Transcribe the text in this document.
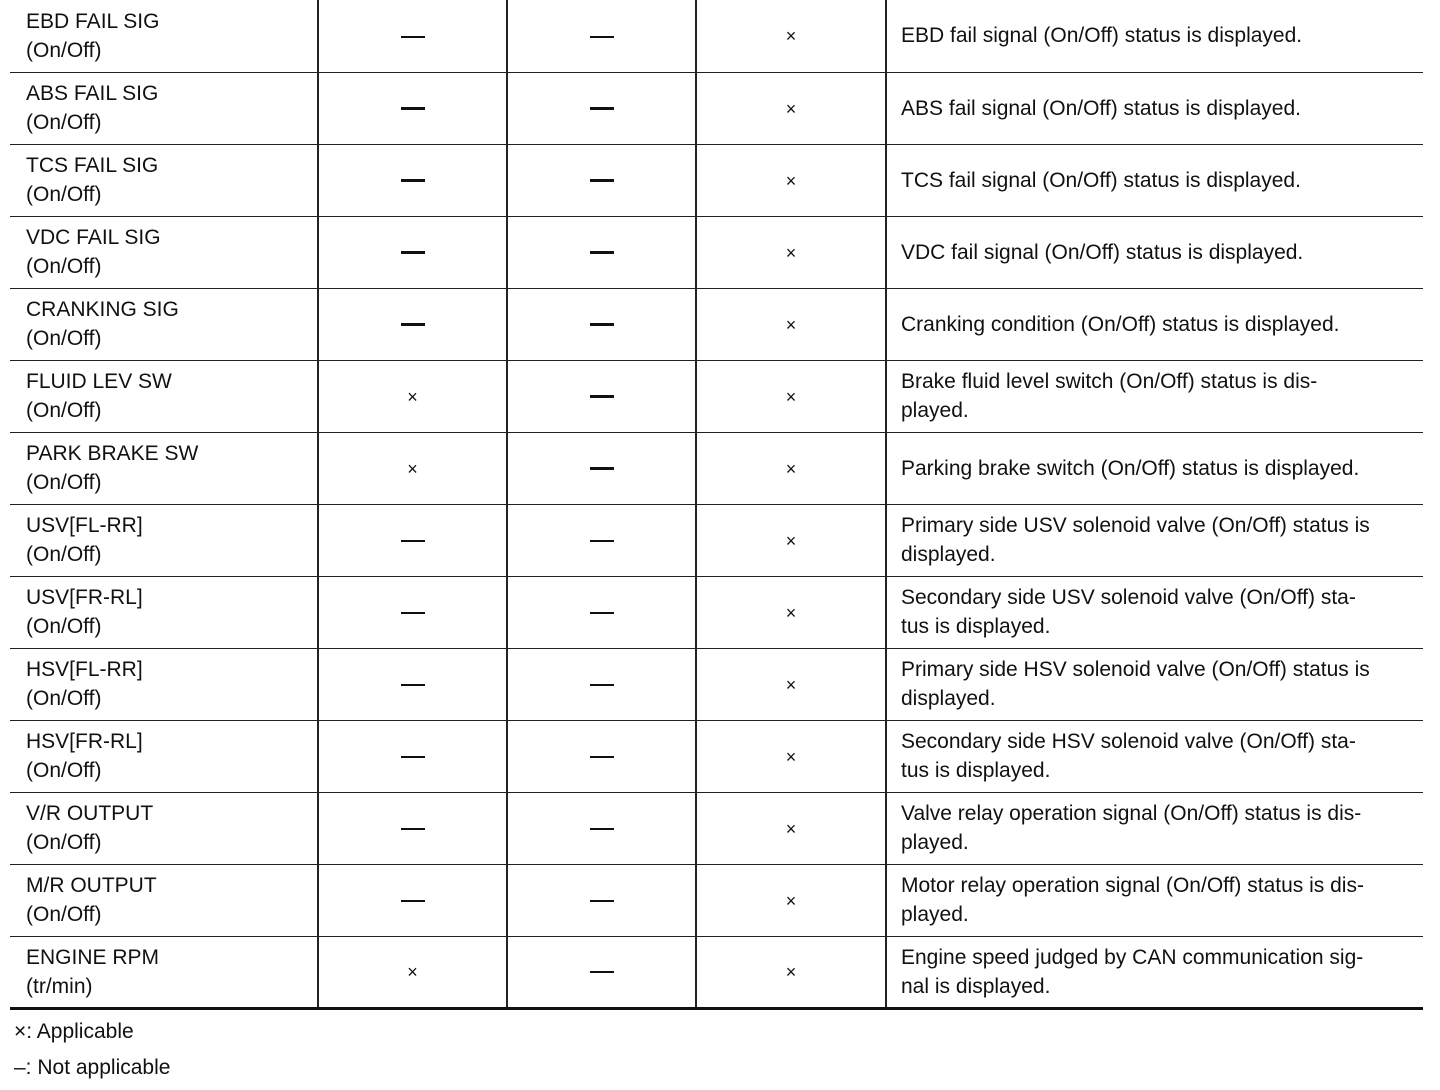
EBD FAIL SIG
(On/Off)			×	EBD fail signal (On/Off) status is displayed.

ABS FAIL SIG
(On/Off)			×	ABS fail signal (On/Off) status is displayed.

TCS FAIL SIG
(On/Off)			×	TCS fail signal (On/Off) status is displayed.

VDC FAIL SIG
(On/Off)			×	VDC fail signal (On/Off) status is displayed.

CRANKING SIG
(On/Off)			×	Cranking condition (On/Off) status is displayed.

FLUID LEV SW
(On/Off)	×		×	Brake fluid level switch (On/Off) status is dis-
played.

PARK BRAKE SW
(On/Off)	×		×	Parking brake switch (On/Off) status is displayed.

USV[FL-RR]
(On/Off)			×	Primary side USV solenoid valve (On/Off) status is
displayed.

USV[FR-RL]
(On/Off)			×	Secondary side USV solenoid valve (On/Off) sta-
tus is displayed.

HSV[FL-RR]
(On/Off)			×	Primary side HSV solenoid valve (On/Off) status is
displayed.

HSV[FR-RL]
(On/Off)			×	Secondary side HSV solenoid valve (On/Off) sta-
tus is displayed.

V/R OUTPUT
(On/Off)			×	Valve relay operation signal (On/Off) status is dis-
played.

M/R OUTPUT
(On/Off)			×	Motor relay operation signal (On/Off) status is dis-
played.

ENGINE RPM
(tr/min)	×		×	Engine speed judged by CAN communication sig-
nal is displayed.
×: Applicable
–: Not applicable
